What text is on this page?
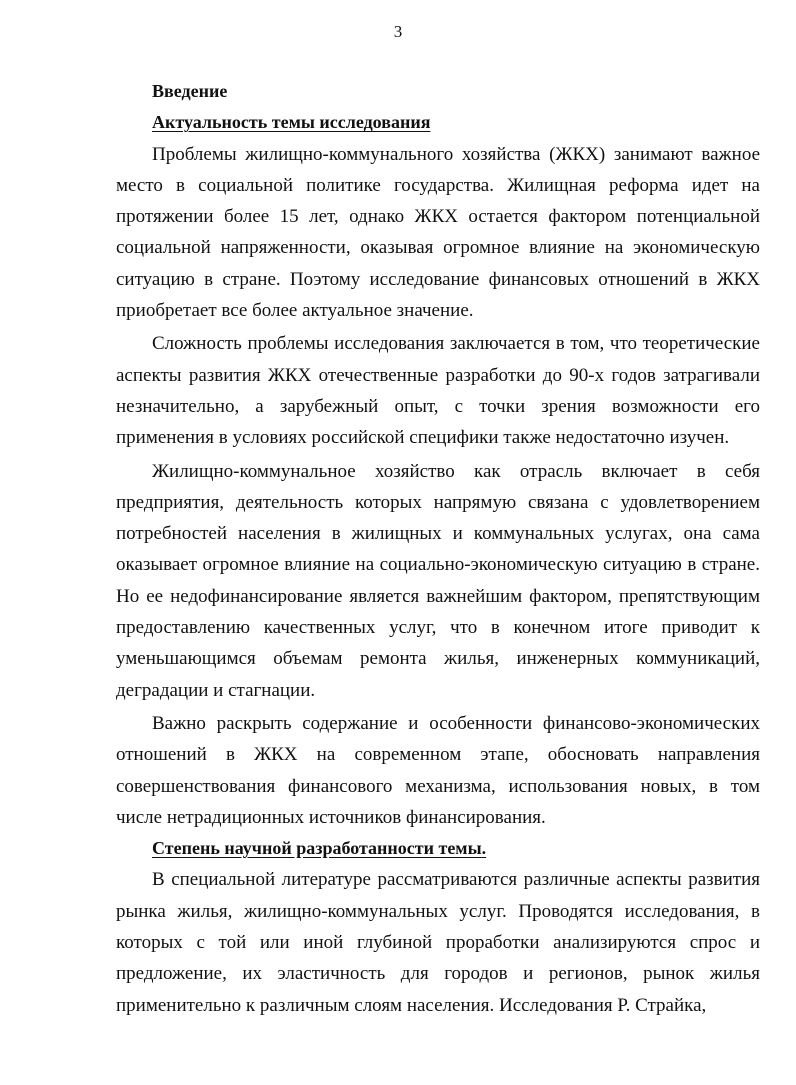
3

Введение

Актуальность темы исследования

Проблемы жилищно-коммунального хозяйства (ЖКХ) занимают важное место в социальной политике государства. Жилищная реформа идет на протяжении более 15 лет, однако ЖКХ остается фактором потенциальной социальной напряженности, оказывая огромное влияние на экономическую ситуацию в стране. Поэтому исследование финансовых отношений в ЖКХ приобретает все более актуальное значение.

Сложность проблемы исследования заключается в том, что теоретические аспекты развития ЖКХ отечественные разработки до 90-х годов затрагивали незначительно, а зарубежный опыт, с точки зрения возможности его применения в условиях российской специфики также недостаточно изучен.

Жилищно-коммунальное хозяйство как отрасль включает в себя предприятия, деятельность которых напрямую связана с удовлетворением потребностей населения в жилищных и коммунальных услугах, она сама оказывает огромное влияние на социально-экономическую ситуацию в стране. Но ее недофинансирование является важнейшим фактором, препятствующим предоставлению качественных услуг, что в конечном итоге приводит к уменьшающимся объемам ремонта жилья, инженерных коммуникаций, деградации и стагнации.

Важно раскрыть содержание и особенности финансово-экономических отношений в ЖКХ на современном этапе, обосновать направления совершенствования финансового механизма, использования новых, в том числе нетрадиционных источников финансирования.

Степень научной разработанности темы.

В специальной литературе рассматриваются различные аспекты развития рынка жилья, жилищно-коммунальных услуг. Проводятся исследования, в которых с той или иной глубиной проработки анализируются спрос и предложение, их эластичность для городов и регионов, рынок жилья применительно к различным слоям населения. Исследования Р. Страйка,
